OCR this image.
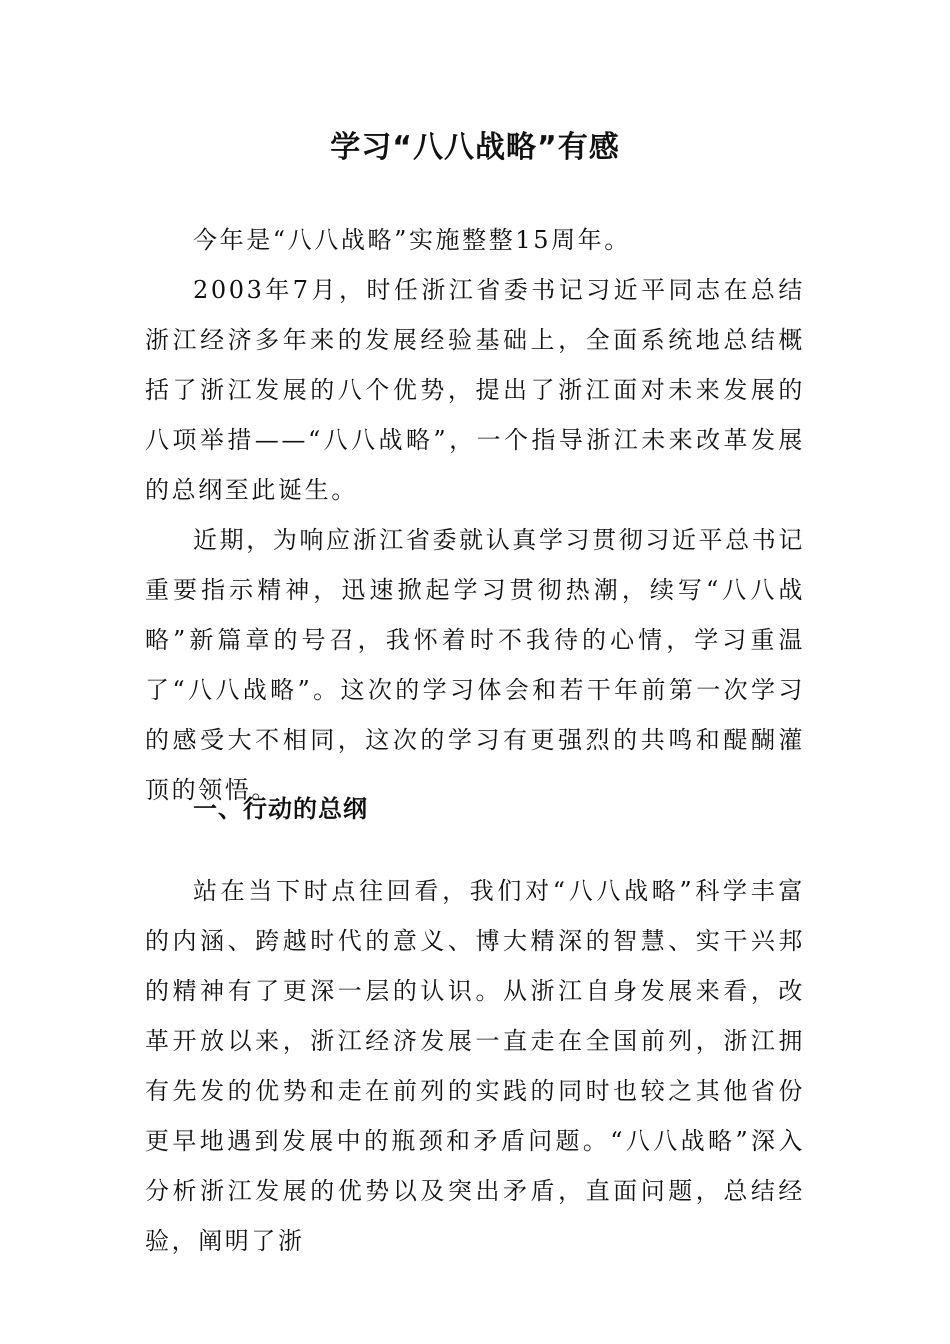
学习“八八战略”有感

今年是“八八战略”实施整整15周年。

2003年7月，时任浙江省委书记习近平同志在总结浙江经济多年来的发展经验基础上，全面系统地总结概括了浙江发展的八个优势，提出了浙江面对未来发展的八项举措——“八八战略”，一个指导浙江未来改革发展的总纲至此诞生。

近期，为响应浙江省委就认真学习贯彻习近平总书记重要指示精神，迅速掀起学习贯彻热潮，续写“八八战略”新篇章的号召，我怀着时不我待的心情，学习重温了“八八战略”。这次的学习体会和若干年前第一次学习的感受大不相同，这次的学习有更强烈的共鸣和醍醐灌顶的领悟。

一、行动的总纲

站在当下时点往回看，我们对“八八战略”科学丰富的内涵、跨越时代的意义、博大精深的智慧、实干兴邦的精神有了更深一层的认识。从浙江自身发展来看，改革开放以来，浙江经济发展一直走在全国前列，浙江拥有先发的优势和走在前列的实践的同时也较之其他省份更早地遇到发展中的瓶颈和矛盾问题。“八八战略”深入分析浙江发展的优势以及突出矛盾，直面问题，总结经验，阐明了浙
